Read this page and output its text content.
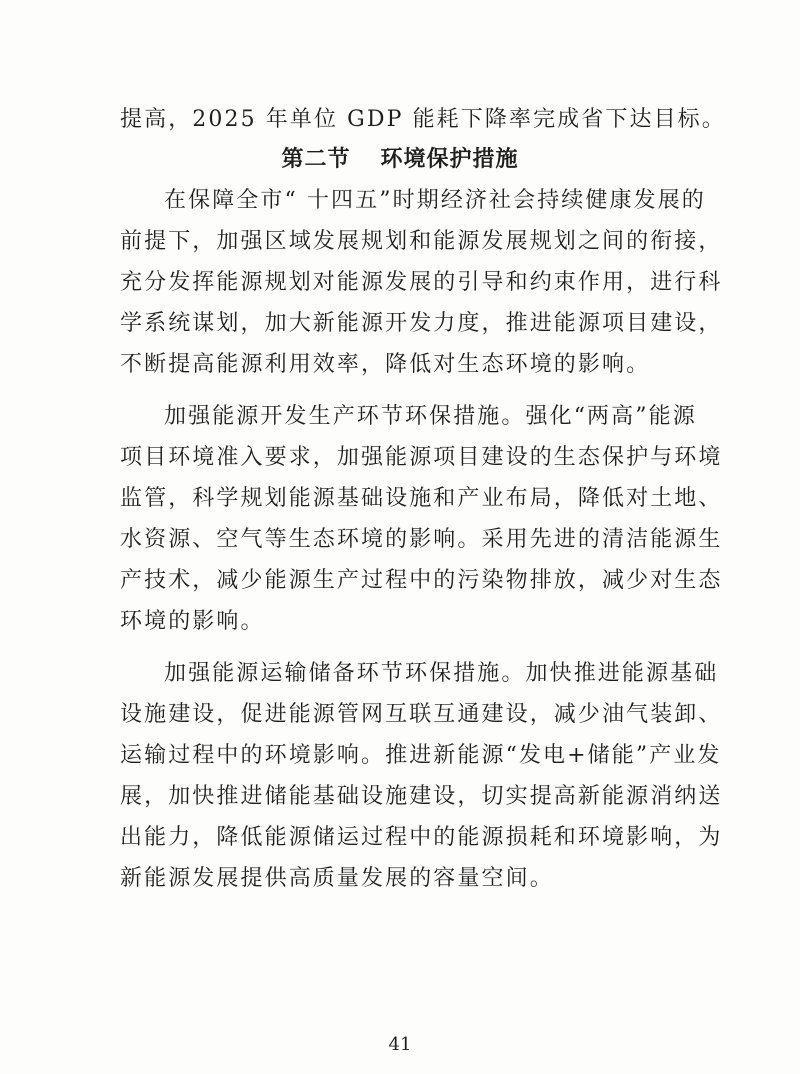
提高，2025 年单位 GDP 能耗下降率完成省下达目标。
第二节 环境保护措施
在保障全市“ 十四五”时期经济社会持续健康发展的
前提下，加强区域发展规划和能源发展规划之间的衔接，
充分发挥能源规划对能源发展的引导和约束作用，进行科
学系统谋划，加大新能源开发力度，推进能源项目建设，
不断提高能源利用效率，降低对生态环境的影响。
加强能源开发生产环节环保措施。强化“两高”能源
项目环境准入要求，加强能源项目建设的生态保护与环境
监管，科学规划能源基础设施和产业布局，降低对土地、
水资源、空气等生态环境的影响。采用先进的清洁能源生
产技术，减少能源生产过程中的污染物排放，减少对生态
环境的影响。
加强能源运输储备环节环保措施。加快推进能源基础
设施建设，促进能源管网互联互通建设，减少油气装卸、
运输过程中的环境影响。推进新能源“发电+储能”产业发
展，加快推进储能基础设施建设，切实提高新能源消纳送
出能力，降低能源储运过程中的能源损耗和环境影响，为
新能源发展提供高质量发展的容量空间。
41
